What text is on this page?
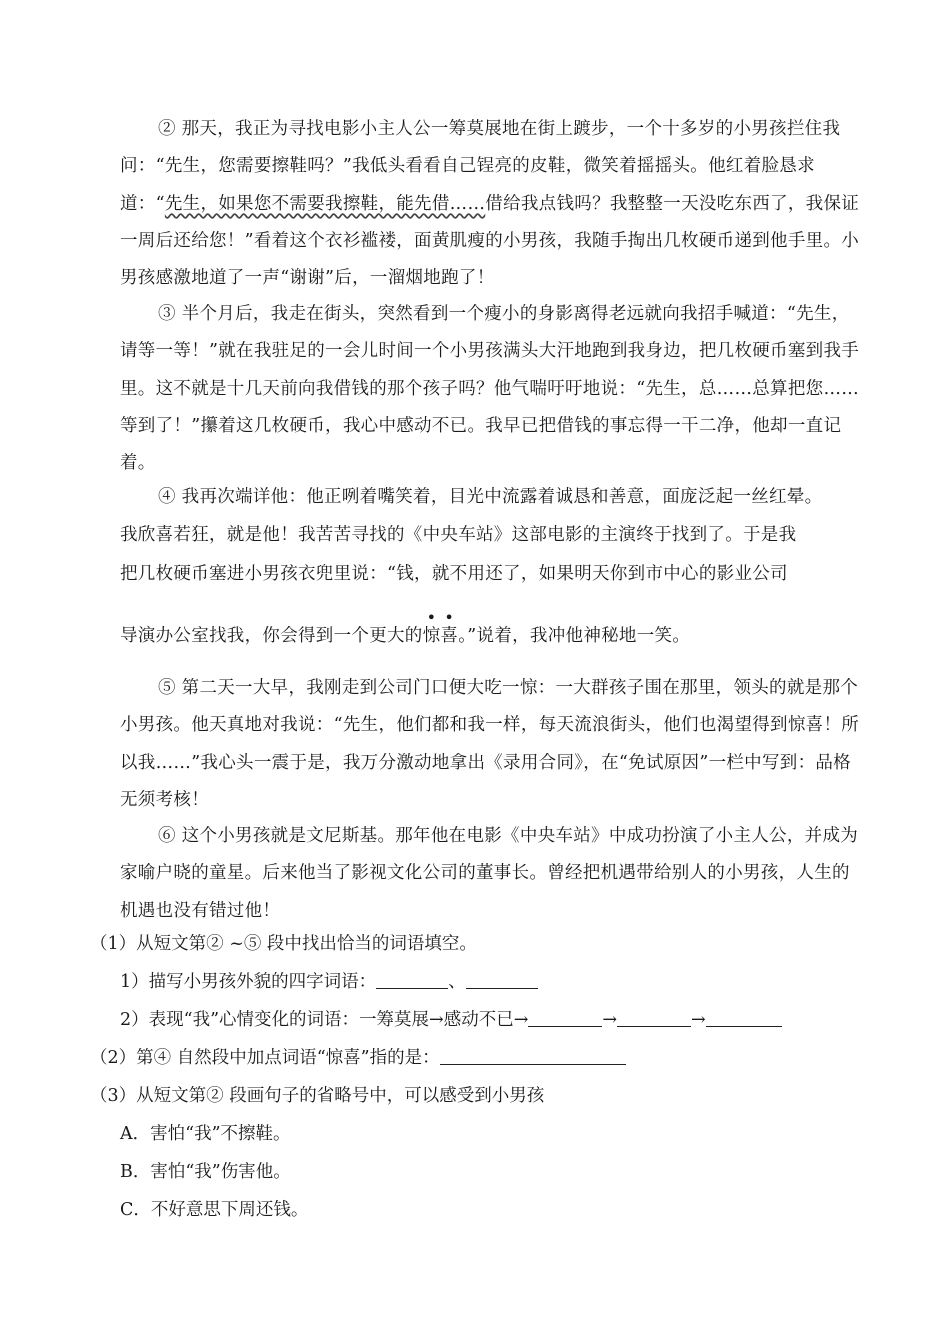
② 那天，我正为寻找电影小主人公一筹莫展地在街上踱步，一个十多岁的小男孩拦住我问：“先生，您需要擦鞋吗？”我低头看看自己锃亮的皮鞋，微笑着摇摇头。他红着脸恳求道：“先生，如果您不需要我擦鞋，能先借……借给我点钱吗？我整整一天没吃东西了，我保证一周后还给您！”看着这个衣衫褴褛，面黄肌瘦的小男孩，我随手掏出几枚硬币递到他手里。小男孩感激地道了一声“谢谢”后，一溜烟地跑了！

③ 半个月后，我走在街头，突然看到一个瘦小的身影离得老远就向我招手喊道：“先生，请等一等！”就在我驻足的一会儿时间一个小男孩满头大汗地跑到我身边，把几枚硬币塞到我手里。这不就是十几天前向我借钱的那个孩子吗？他气喘吁吁地说：“先生，总……总算把您……等到了！”攥着这几枚硬币，我心中感动不已。我早已把借钱的事忘得一干二净，他却一直记着。

④ 我再次端详他：他正咧着嘴笑着，目光中流露着诚恳和善意，面庞泛起一丝红晕。

我欣喜若狂，就是他！我苦苦寻找的《中央车站》这部电影的主演终于找到了。于是我

把几枚硬币塞进小男孩衣兜里说：“钱，就不用还了，如果明天你到市中心的影业公司

导演办公室找我，你会得到一个更大的
•
惊
•
喜。”说着，我冲他神秘地一笑。

⑤ 第二天一大早，我刚走到公司门口便大吃一惊：一大群孩子围在那里，领头的就是那个小男孩。他天真地对我说：“先生，他们都和我一样，每天流浪街头，他们也渴望得到惊喜！所以我……”我心头一震于是，我万分激动地拿出《录用合同》，在“免试原因”一栏中写到：品格无须考核！

⑥ 这个小男孩就是文尼斯基。那年他在电影《中央车站》中成功扮演了小主人公，并成为家喻户晓的童星。后来他当了影视文化公司的董事长。曾经把机遇带给别人的小男孩，人生的机遇也没有错过他！

（1）从短文第② ~⑤ 段中找出恰当的词语填空。

1）描写小男孩外貌的四字词语：	、

2）表现“我”心情变化的词语：一筹莫展→感动不已→	→	→

（2）第④ 自然段中加点词语“惊喜”指的是：

（3）从短文第② 段画句子的省略号中，可以感受到小男孩

A．害怕“我”不擦鞋。

B．害怕“我”伤害他。

C．不好意思下周还钱。
